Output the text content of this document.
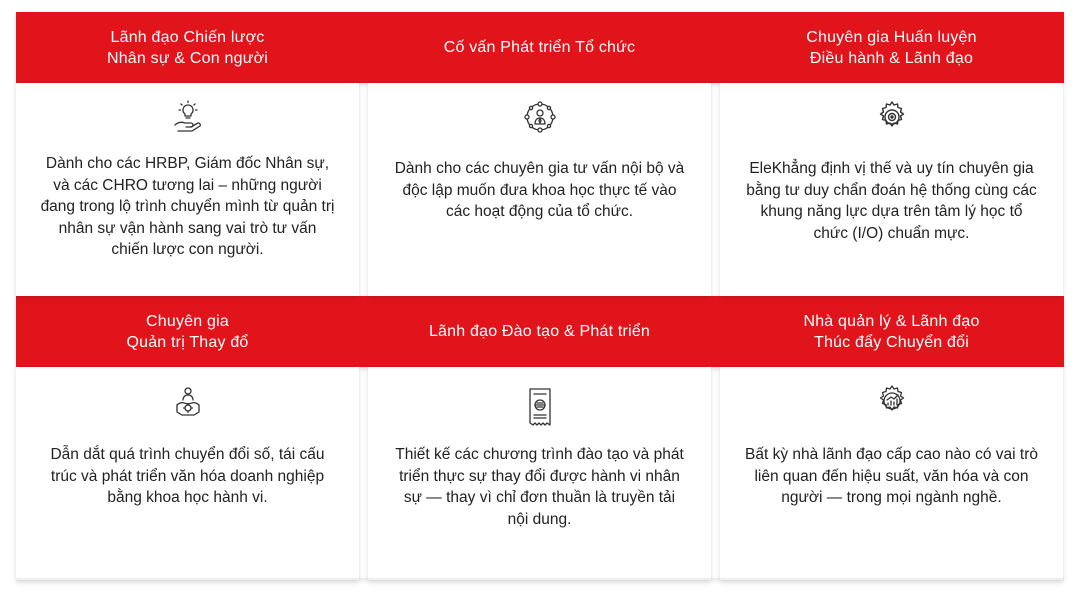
Lãnh đạo Chiến lược
Nhân sự & Con người
Dành cho các HRBP, Giám đốc Nhân sự, và các CHRO tương lai – những người đang trong lộ trình chuyển mình từ quản trị nhân sự vận hành sang vai trò tư vấn chiến lược con người.
Cố vấn Phát triển Tổ chức
Dành cho các chuyên gia tư vấn nội bộ và độc lập muốn đưa khoa học thực tế vào các hoạt động của tổ chức.
Chuyên gia Huấn luyện
Điều hành & Lãnh đạo
EleKhẳng định vị thế và uy tín chuyên gia bằng tư duy chẩn đoán hệ thống cùng các khung năng lực dựa trên tâm lý học tổ chức (I/O) chuẩn mực.
Chuyên gia
Quản trị Thay đổ
Dẫn dắt quá trình chuyển đổi số, tái cấu trúc và phát triển văn hóa doanh nghiệp bằng khoa học hành vi.
Lãnh đạo Đào tạo & Phát triển
Thiết kế các chương trình đào tạo và phát triển thực sự thay đổi được hành vi nhân sự — thay vì chỉ đơn thuần là truyền tải nội dung.
Nhà quản lý & Lãnh đạo
Thúc đẩy Chuyển đổi
Bất kỳ nhà lãnh đạo cấp cao nào có vai trò liên quan đến hiệu suất, văn hóa và con người — trong mọi ngành nghề.
